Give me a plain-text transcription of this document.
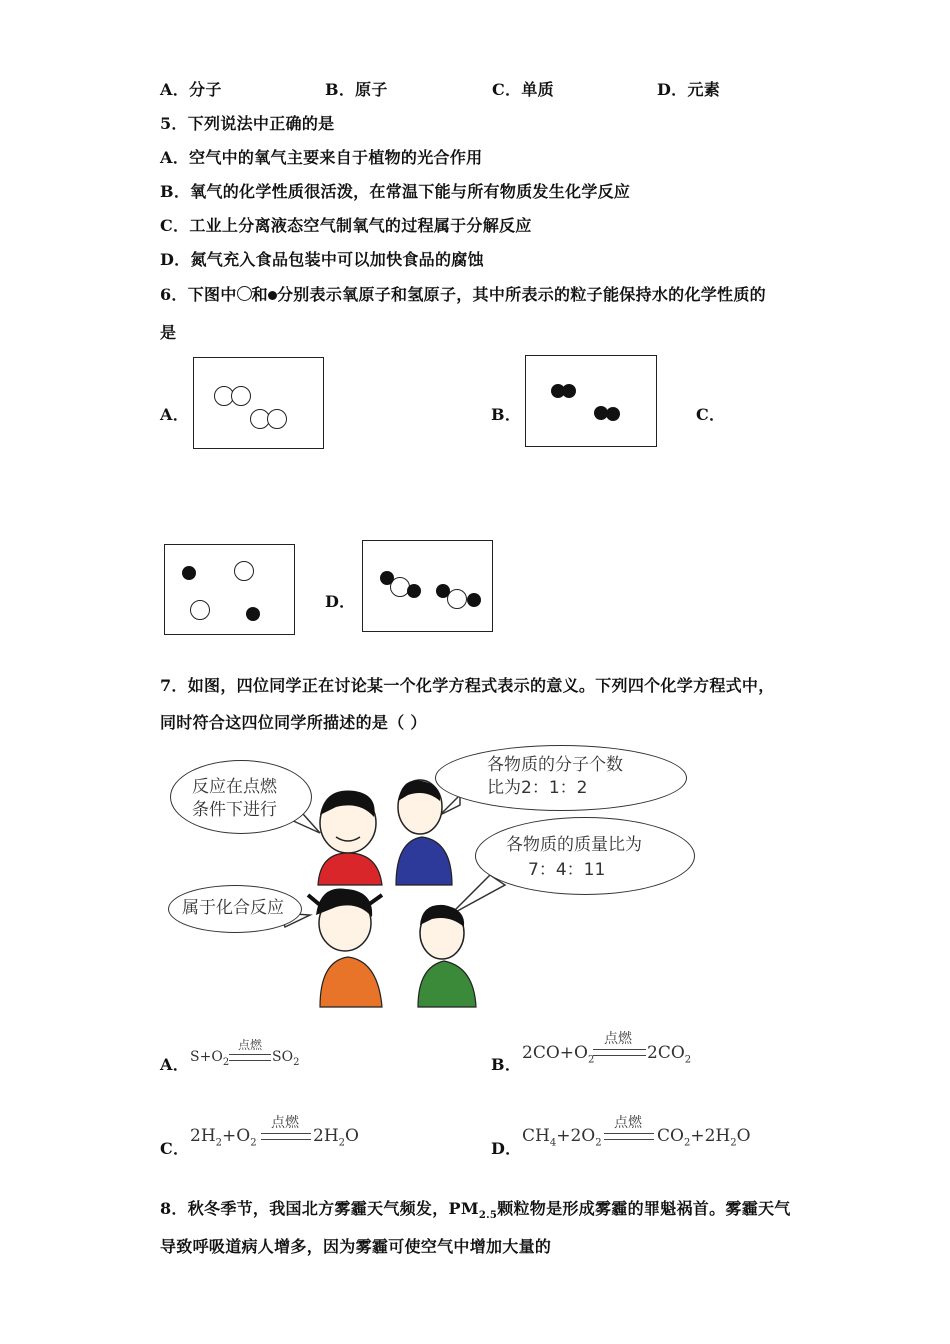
A．分子	B．原子	C．单质	D．元素
5．下列说法中正确的是
A．空气中的氧气主要来自于植物的光合作用
B．氧气的化学性质很活泼，在常温下能与所有物质发生化学反应
C．工业上分离液态空气制氧气的过程属于分解反应
D．氮气充入食品包装中可以加快食品的腐蚀
6．下图中 和 分别表示氧原子和氢原子，其中所表示的粒子能保持水的化学性质的
是
A．	B．	C．
D．
7．如图，四位同学正在讨论某一个化学方程式表示的意义。下列四个化学方程式中，
同时符合这四位同学所描述的是（ ）
反应在点燃
条件下进行
各物质的分子个数
比为2：1：2
各物质的质量比为
7：4：11
属于化合反应
A． $S+O_2$
点燃
$SO_2$	B．
$2CO+O_2$
点燃
$2CO_2$
C．
$2H_2+O_2$
点燃
$2H_2O$
D．
$CH_4+2O_2$
点燃
$CO_2+2H_2O$
8．秋冬季节，我国北方雾霾天气频发，$PM_{2.5}$颗粒物是形成雾霾的罪魁祸首。雾霾天气
导致呼吸道病人增多，因为雾霾可使空气中增加大量的
